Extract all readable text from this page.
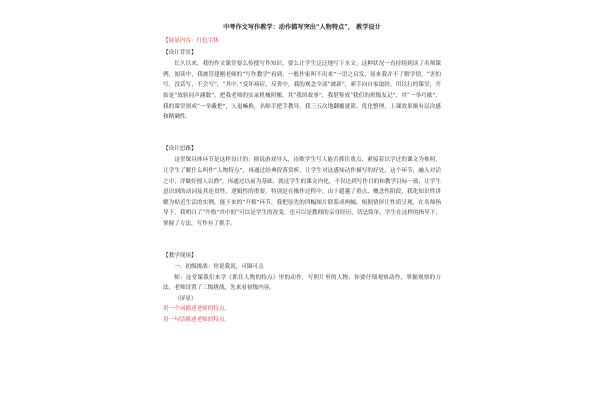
中考作文写作教学：动作描写突出“人物特点”， 教学设计
【展显内容：红色字体
【设计背景】

长久以来，我的作文课堂要么传授写作知识，要么让学生泛泛地写下水文。这种状况一直持续到读了名师课例，阅读中，我被管建刚老师的“写作教学”看到，一般作家叫不出来”一语之启发，原来我并不了解学情，“害怕写，没话写，不会写”，“其中，”变坏病症，反省中，我的观念全部“被新”，索手向自家取经，用以行的课堂，开始是“效验同声涵数”，把我老师的实录机械照搬，其“我的故事”，我借鉴成“我们的班级友记”，其“一举巧歇”，我的课堂则成“一举戴把”，人退嘛换，名师手把手教导，我三五次地翻覆就简、优化整理，上课效果渐有层次感和精确性。

【设计思路】

这堂课具体环节是这样设计的：据说游戏导入，诗歌学生写人能否抓住重点，紧接着以学过的课文为参照，让学生了解什么叫作“人物特点”，再通过经典段落赏析，让学生对这感知动作描写的好处，这个环节，融入对话之中，详做好授人以渔”，再通过以前为基础，就这学生的课文内化，不仅达到写作目的和教学目标一致，让学生意识到的动词及其连贯性，逻辑性的重要，特别是在操作过程中，由于超越了重点、概念性阶段，我化知识性讲解为贴近生活的实例，能下来的“升格”环节，我把原先的四幅图片联系成两幅，根据情形让性质呈现，在名师指导下，我明白了“升格”其中的“可以是学生的改变，也可以是教师的亲身经历，切忌简单，学生在这样的指导下，掌握了方法，写作有了抓手。

【教学现场】
一、初级挑战：你说我说，可圈可点

师：这堂课我们来学《抓住人物的特点》里的动作，写照片里的人物，你要仔细观察动作，掌握观察的方法，老师设置了三级挑战，先来看初级内容。

（屏显）
用一个词描述老师的特点。
用一句话描述老师的特点。
